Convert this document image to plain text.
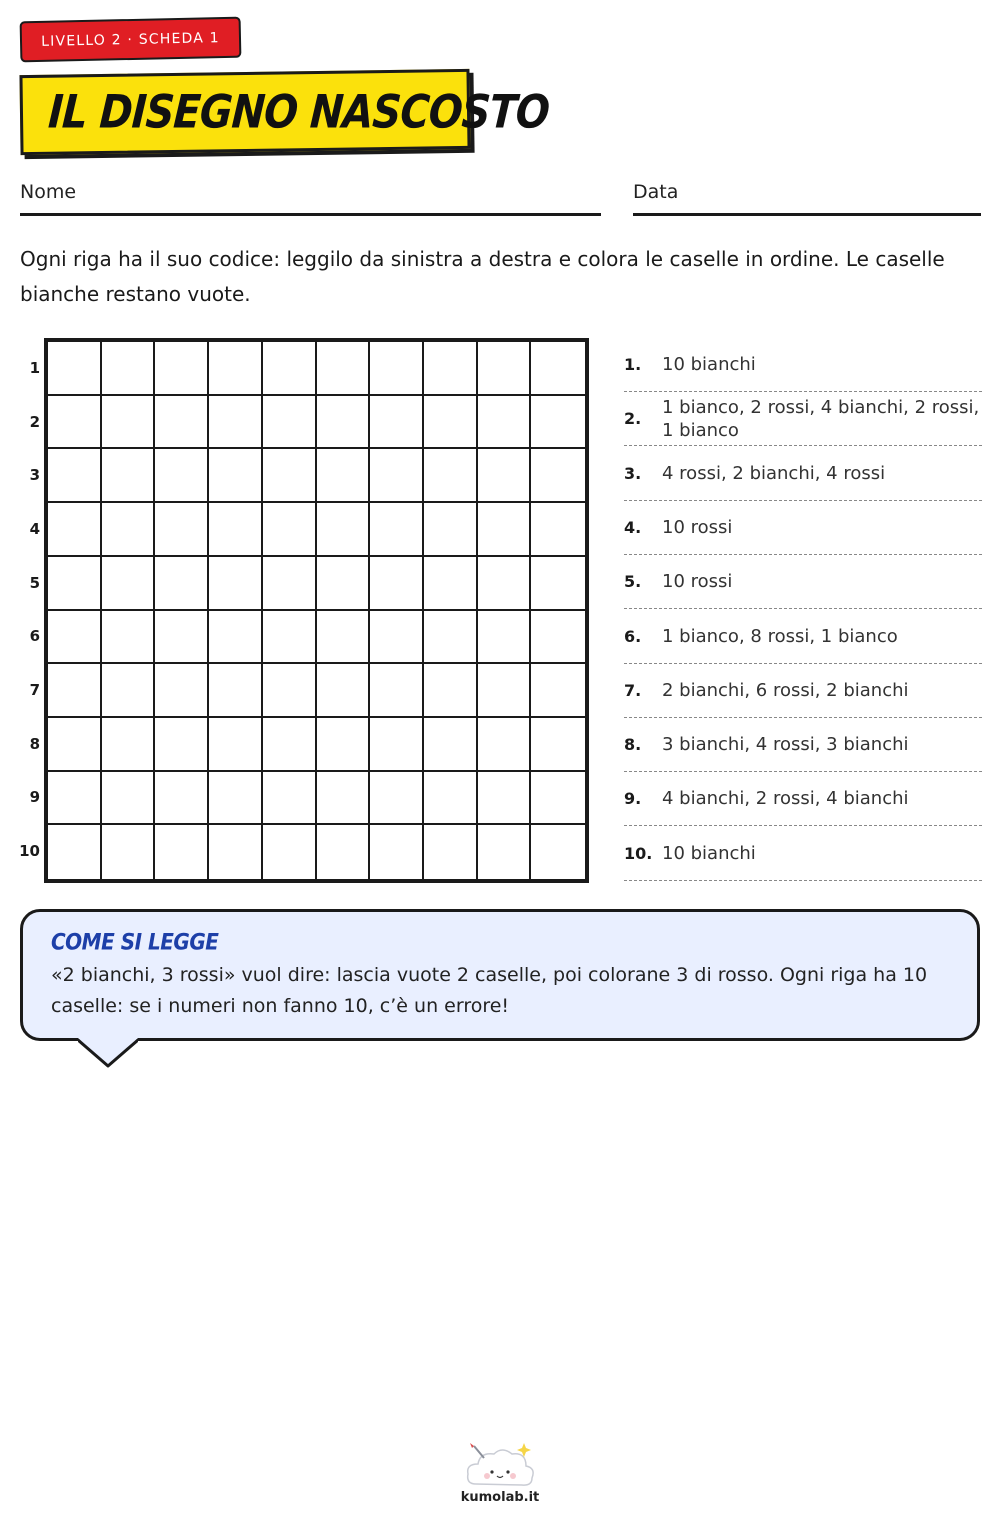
LIVELLO 2 · SCHEDA 1
IL DISEGNO NASCOSTO
Nome	Data
Ogni riga ha il suo codice: leggilo da sinistra a destra e colora le caselle in ordine. Le caselle bianche restano vuote.
1
2
3
4
5
6
7
8
9
10
1.	10 bianchi
2.
1 bianco, 2 rossi, 4 bianchi, 2 rossi, 1 bianco
3.	4 rossi, 2 bianchi, 4 rossi
4.	10 rossi
5.	10 rossi
6.	1 bianco, 8 rossi, 1 bianco
7.	2 bianchi, 6 rossi, 2 bianchi
8.	3 bianchi, 4 rossi, 3 bianchi
9.	4 bianchi, 2 rossi, 4 bianchi
10. 10 bianchi
COME SI LEGGE
«2 bianchi, 3 rossi» vuol dire: lascia vuote 2 caselle, poi colorane 3 di rosso. Ogni riga ha 10 caselle: se i numeri non fanno 10, c’è un errore!
kumolab.it
